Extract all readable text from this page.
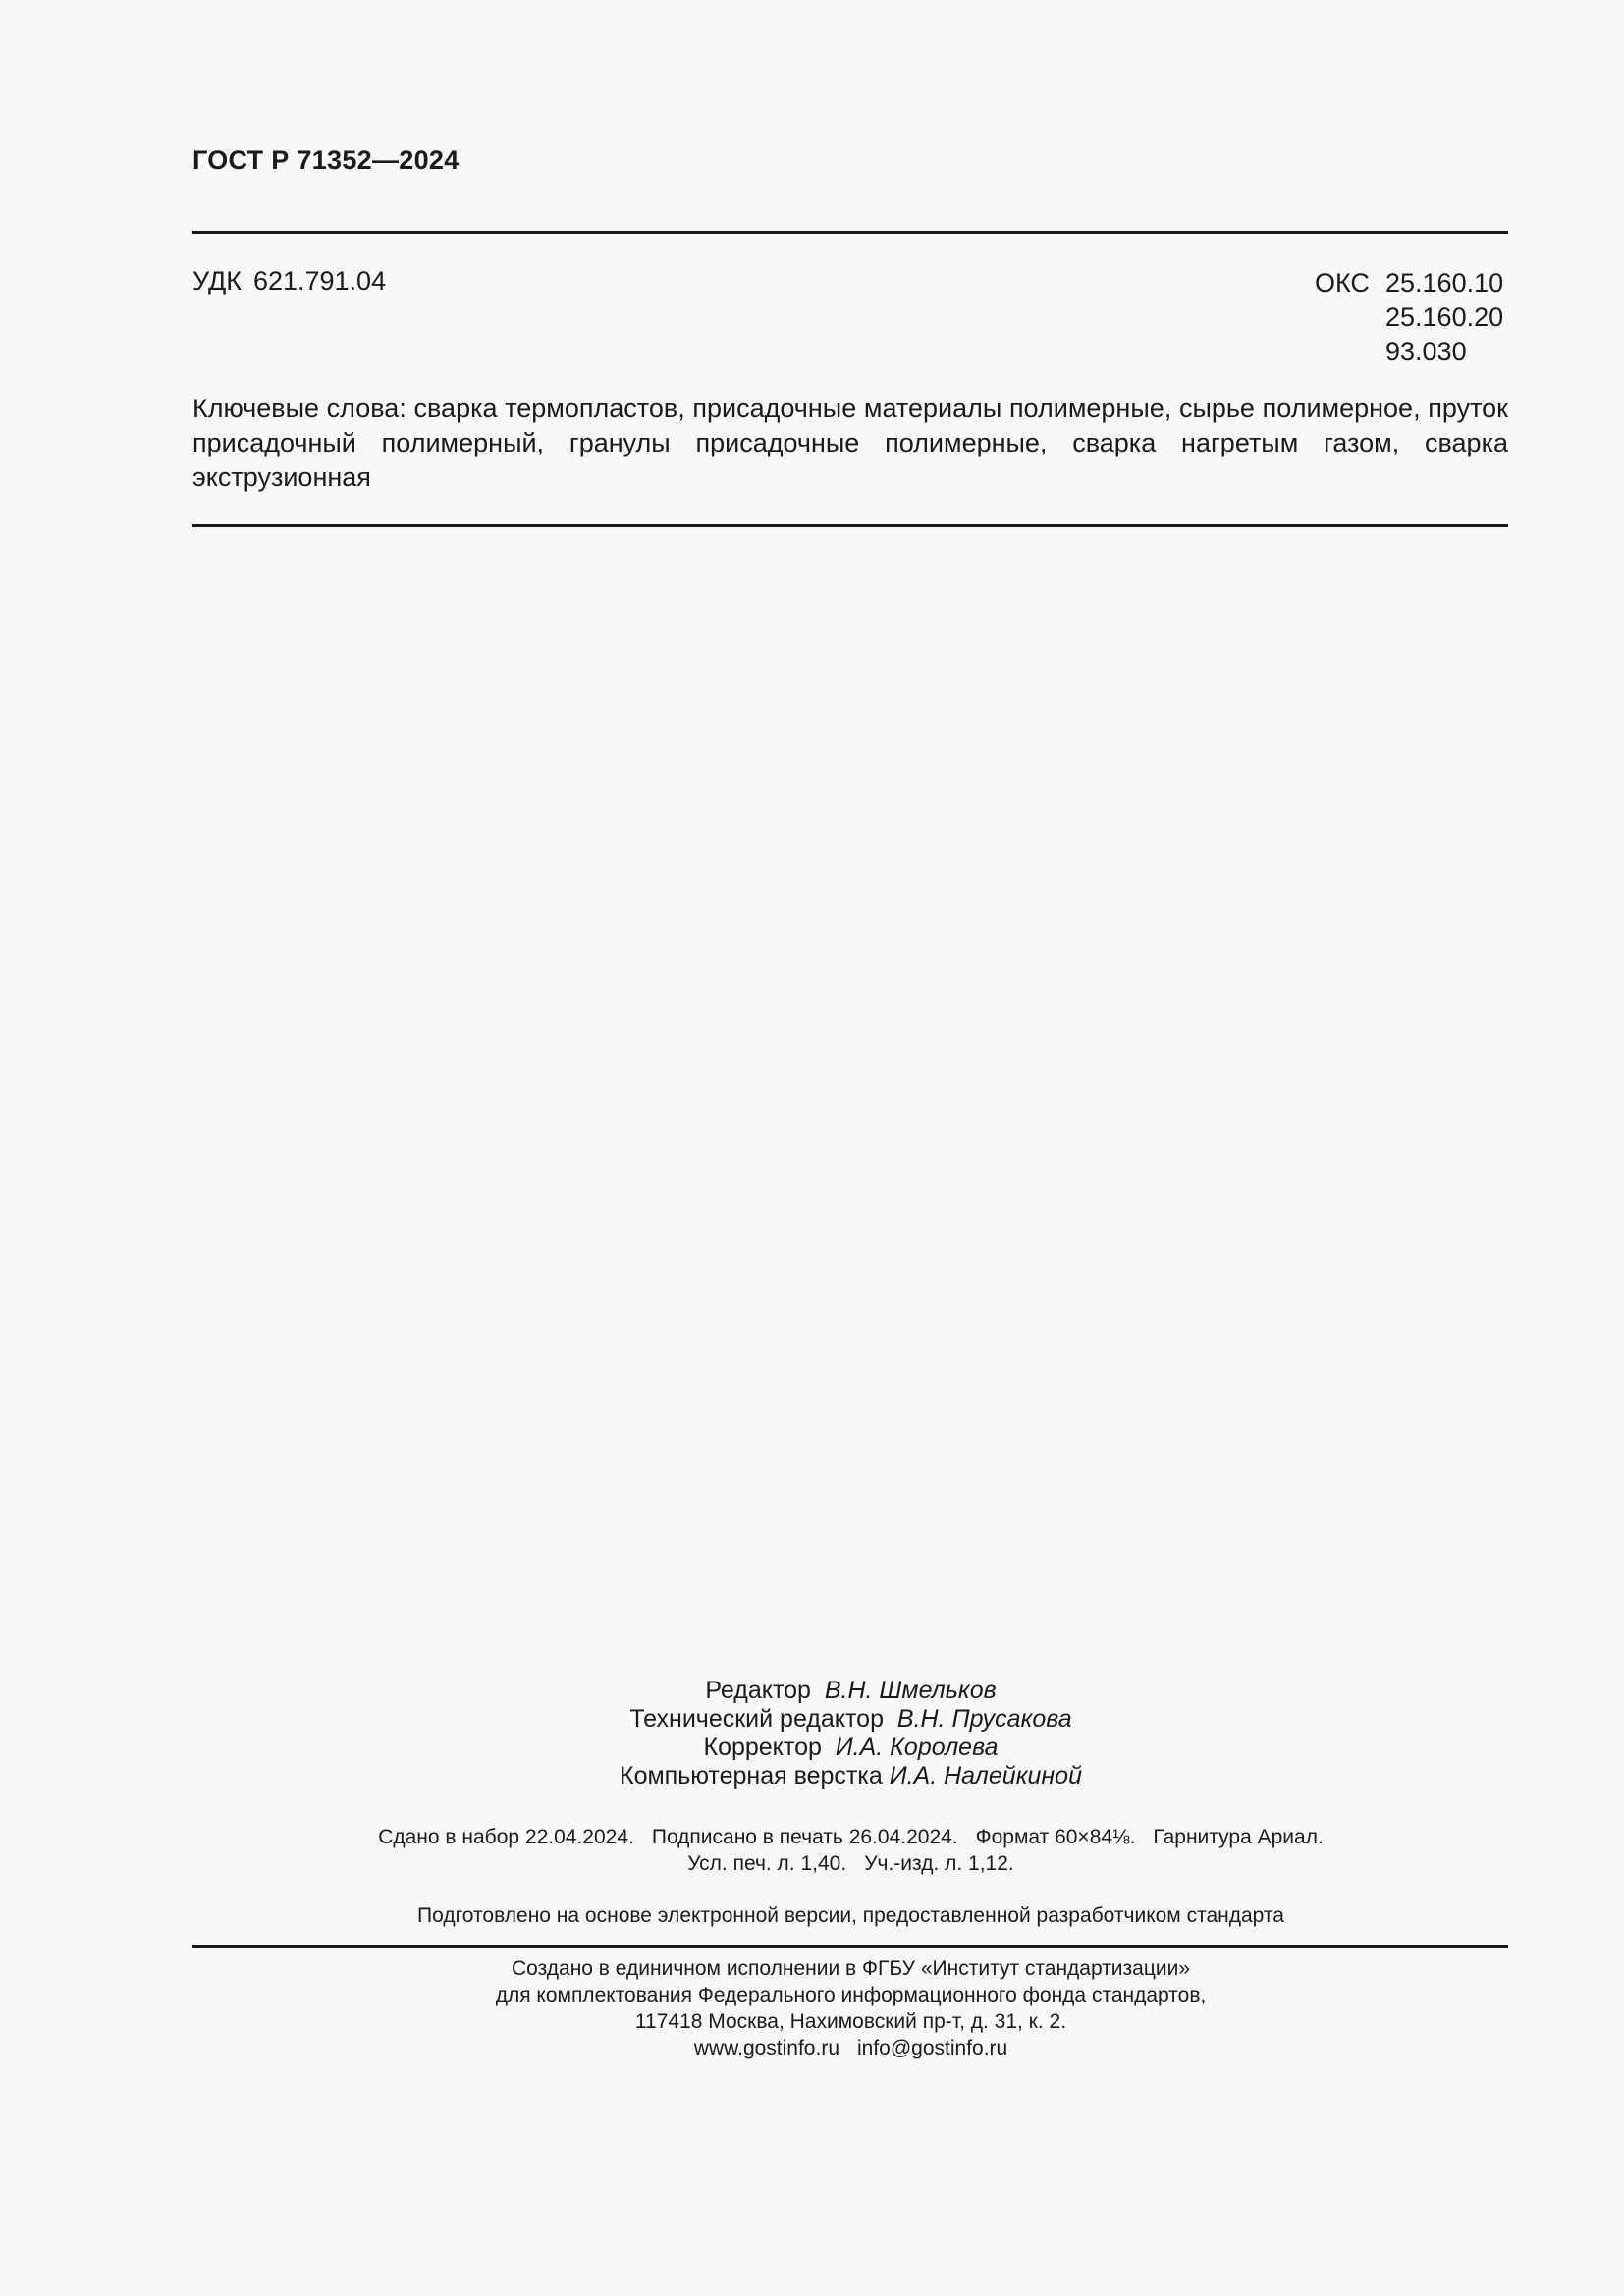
ГОСТ Р 71352—2024
УДК 621.791.04	ОКС 25.160.10
25.160.20
93.030
Ключевые слова: сварка термопластов, присадочные материалы полимерные, сырье полимерное, пруток присадочный полимерный, гранулы присадочные полимерные, сварка нагретым газом, сварка экструзионная
Редактор В.Н. Шмельков
Технический редактор В.Н. Прусакова
Корректор И.А. Королева
Компьютерная верстка И.А. Налейкиной
Сдано в набор 22.04.2024. Подписано в печать 26.04.2024. Формат 60×84⅛. Гарнитура Ариал.
Усл. печ. л. 1,40. Уч.-изд. л. 1,12.
Подготовлено на основе электронной версии, предоставленной разработчиком стандарта
Создано в единичном исполнении в ФГБУ «Институт стандартизации»
для комплектования Федерального информационного фонда стандартов,
117418 Москва, Нахимовский пр-т, д. 31, к. 2.
www.gostinfo.ru info@gostinfo.ru
